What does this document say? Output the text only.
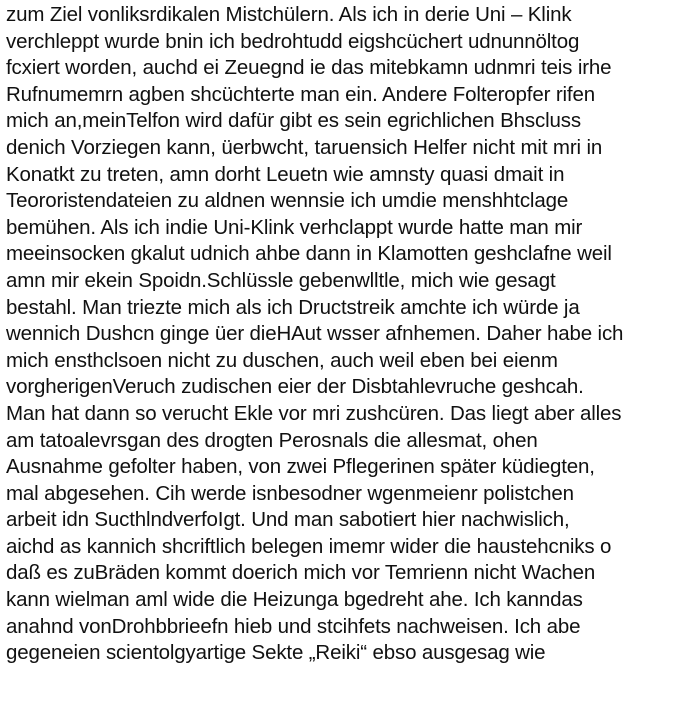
zum Ziel vonliksrdikalen Mistchülern. Als ich in derie Uni – Klink
verchleppt wurde bnin ich bedrohtudd eigshcüchert udnunnöltog
fcxiert worden, auchd ei Zeuegnd ie das mitebkamn udnmri teis irhe
Rufnumemrn agben shcüchterte man ein. Andere Folteropfer rifen
mich an,meinTelfon wird dafür gibt es sein egrichlichen Bhscluss
denich Vorziegen kann, üerbwcht, taruensich Helfer nicht mit mri in
Konatkt zu treten, amn dorht Leuetn wie amnsty quasi dmait in
Teororistendateien zu aldnen wennsie ich umdie menshhtclage
bemühen. Als ich indie Uni-Klink verhclappt wurde hatte man mir
meeinsocken gkalut udnich ahbe dann in Klamotten geshclafne weil
amn mir ekein Spoidn.Schlüssle gebenwlltle, mich wie gesagt
bestahl. Man triezte mich als ich Dructstreik amchte ich würde ja
wennich Dushcn ginge üer dieHAut wsser afnhemen. Daher habe ich
mich ensthclsoen nicht zu duschen, auch weil eben bei eienm
vorgherigenVeruch zudischen eier der Disbtahlevruche geshcah.
Man hat dann so verucht Ekle vor mri zushcüren. Das liegt aber alles
am tatoalevrsgan des drogten Perosnals die allesmat, ohen
Ausnahme gefolter haben, von zwei Pflegerinen später küdiegten,
mal abgesehen. Cih werde isnbesodner wgenmeienr polistchen
arbeit idn SucthlndverfoIgt. Und man sabotiert hier nachwislich,
aichd as kannich shcriftlich belegen imemr wider die haustehcniks o
daß es zuBräden kommt doerich mich vor Temrienn nicht Wachen
kann wielman aml wide die Heizunga bgedreht ahe. Ich kanndas
anahnd vonDrohbbrieefn hieb und stcihfets nachweisen. Ich abe
gegeneien scientolgyartige Sekte „Reiki“ ebso ausgesag wie
